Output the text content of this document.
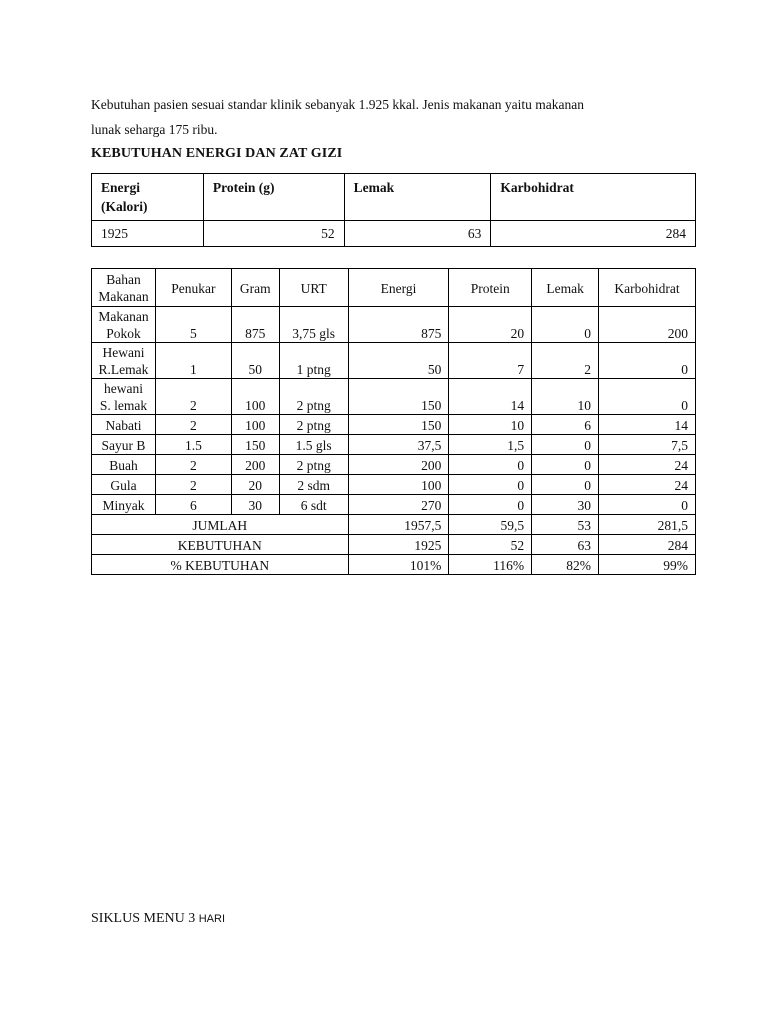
Kebutuhan pasien sesuai standar klinik sebanyak 1.925 kkal. Jenis makanan yaitu makanan

lunak seharga 175 ribu.

KEBUTUHAN ENERGI DAN ZAT GIZI
Energi
(Kalori)	Protein (g)	Lemak	Karbohidrat
1925	52	63	284
Bahan
Makanan	Penukar	Gram	URT	Energi	Protein	Lemak	Karbohidrat
Makanan
Pokok	5	875	3,75 gls	875	20	0	200
Hewani
R.Lemak	1	50	1 ptng	50	7	2	0
hewani
S. lemak	2	100	2 ptng	150	14	10	0
Nabati	2	100	2 ptng	150	10	6	14
Sayur B	1.5	150	1.5 gls	37,5	1,5	0	7,5
Buah	2	200	2 ptng	200	0	0	24
Gula	2	20	2 sdm	100	0	0	24
Minyak	6	30	6 sdt	270	0	30	0
JUMLAH				1957,5	59,5	53	281,5
KEBUTUHAN				1925	52	63	284
% KEBUTUHAN				101%	116%	82%	99%
SIKLUS MENU 3 HARI
